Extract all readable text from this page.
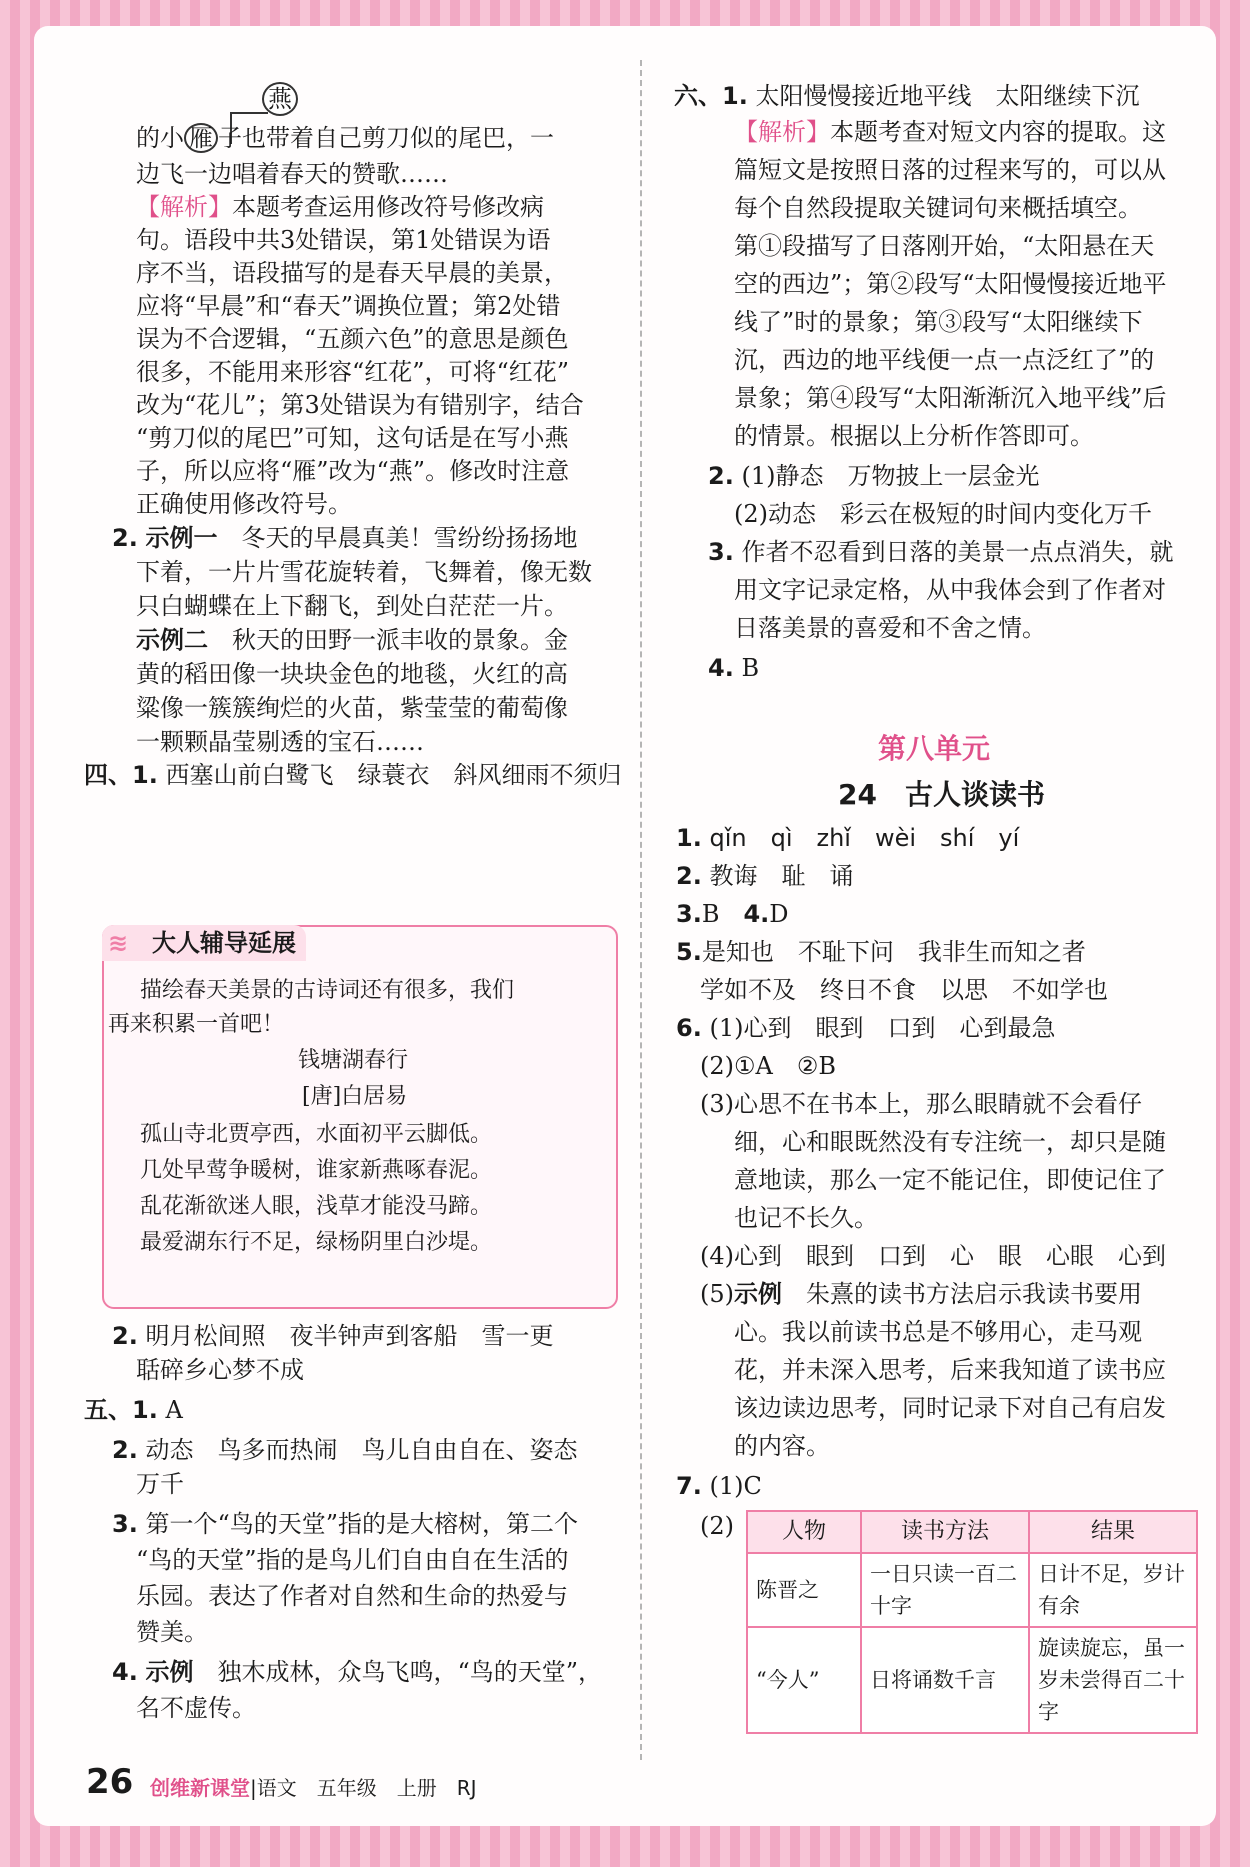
燕
的小 雁 子也带着自己剪刀似的尾巴，一
边飞一边唱着春天的赞歌……
【解析】本题考查运用修改符号修改病
句。语段中共3处错误，第1处错误为语
序不当，语段描写的是春天早晨的美景，
应将“早晨”和“春天”调换位置；第2处错
误为不合逻辑，“五颜六色”的意思是颜色
很多，不能用来形容“红花”，可将“红花”
改为“花儿”；第3处错误为有错别字，结合
“剪刀似的尾巴”可知，这句话是在写小燕
子，所以应将“雁”改为“燕”。修改时注意
正确使用修改符号。
2. 示例一　 冬天的早晨真美！雪纷纷扬扬地
下着，一片片雪花旋转着，飞舞着，像无数
只白蝴蝶在上下翻飞，到处白茫茫一片。
示例二　 秋天的田野一派丰收的景象。金
黄的稻田像一块块金色的地毯，火红的高
粱像一簇簇绚烂的火苗，紫莹莹的葡萄像
一颗颗晶莹剔透的宝石……
四、1. 西塞山前白鹭飞　绿蓑衣　斜风细雨不须归
≋ 大人辅导延展
描绘春天美景的古诗词还有很多，我们
再来积累一首吧！
钱塘湖春行
[唐]白居易
孤山寺北贾亭西，水面初平云脚低。
几处早莺争暖树，谁家新燕啄春泥。
乱花渐欲迷人眼，浅草才能没马蹄。
最爱湖东行不足，绿杨阴里白沙堤。
2. 明月松间照　夜半钟声到客船　雪一更
聒碎乡心梦不成
五、1. A
2. 动态　鸟多而热闹　鸟儿自由自在、姿态
万千
3. 第一个“鸟的天堂”指的是大榕树，第二个
“鸟的天堂”指的是鸟儿们自由自在生活的
乐园。表达了作者对自然和生命的热爱与
赞美。
4. 示例　 独木成林，众鸟飞鸣，“鸟的天堂”，
名不虚传。
六、1. 太阳慢慢接近地平线　太阳继续下沉
【解析】本题考查对短文内容的提取。这
篇短文是按照日落的过程来写的，可以从
每个自然段提取关键词句来概括填空。
第①段描写了日落刚开始，“太阳悬在天
空的西边”；第②段写“太阳慢慢接近地平
线了”时的景象；第③段写“太阳继续下
沉，西边的地平线便一点一点泛红了”的
景象；第④段写“太阳渐渐沉入地平线”后
的情景。根据以上分析作答即可。
2. (1)静态　万物披上一层金光
(2)动态　彩云在极短的时间内变化万千
3. 作者不忍看到日落的美景一点点消失，就
用文字记录定格，从中我体会到了作者对
日落美景的喜爱和不舍之情。
4. B
第八单元
24　古人谈读书
1. qǐn　qì　zhǐ　wèi　shí　yí
2. 教诲　耻　诵
3.B　 4.D
5.是知也　不耻下问　我非生而知之者
学如不及　终日不食　以思　不如学也
6. (1)心到　眼到　口到　心到最急
(2)①A　②B
(3)心思不在书本上，那么眼睛就不会看仔
细，心和眼既然没有专注统一，却只是随
意地读，那么一定不能记住，即使记住了
也记不长久。
(4)心到　眼到　口到　心　眼　心眼　心到
(5)示例　 朱熹的读书方法启示我读书要用
心。我以前读书总是不够用心，走马观
花，并未深入思考，后来我知道了读书应
该边读边思考，同时记录下对自己有启发
的内容。
7. (1)C
(2) 人物	读书方法	结果
陈晋之	一日只读一百二十字	日计不足，岁计有余
“今人”	日将诵数千言	旋读旋忘，虽一岁未尝得百二十字
26 创维新课堂|语文　五年级　上册　RJ
